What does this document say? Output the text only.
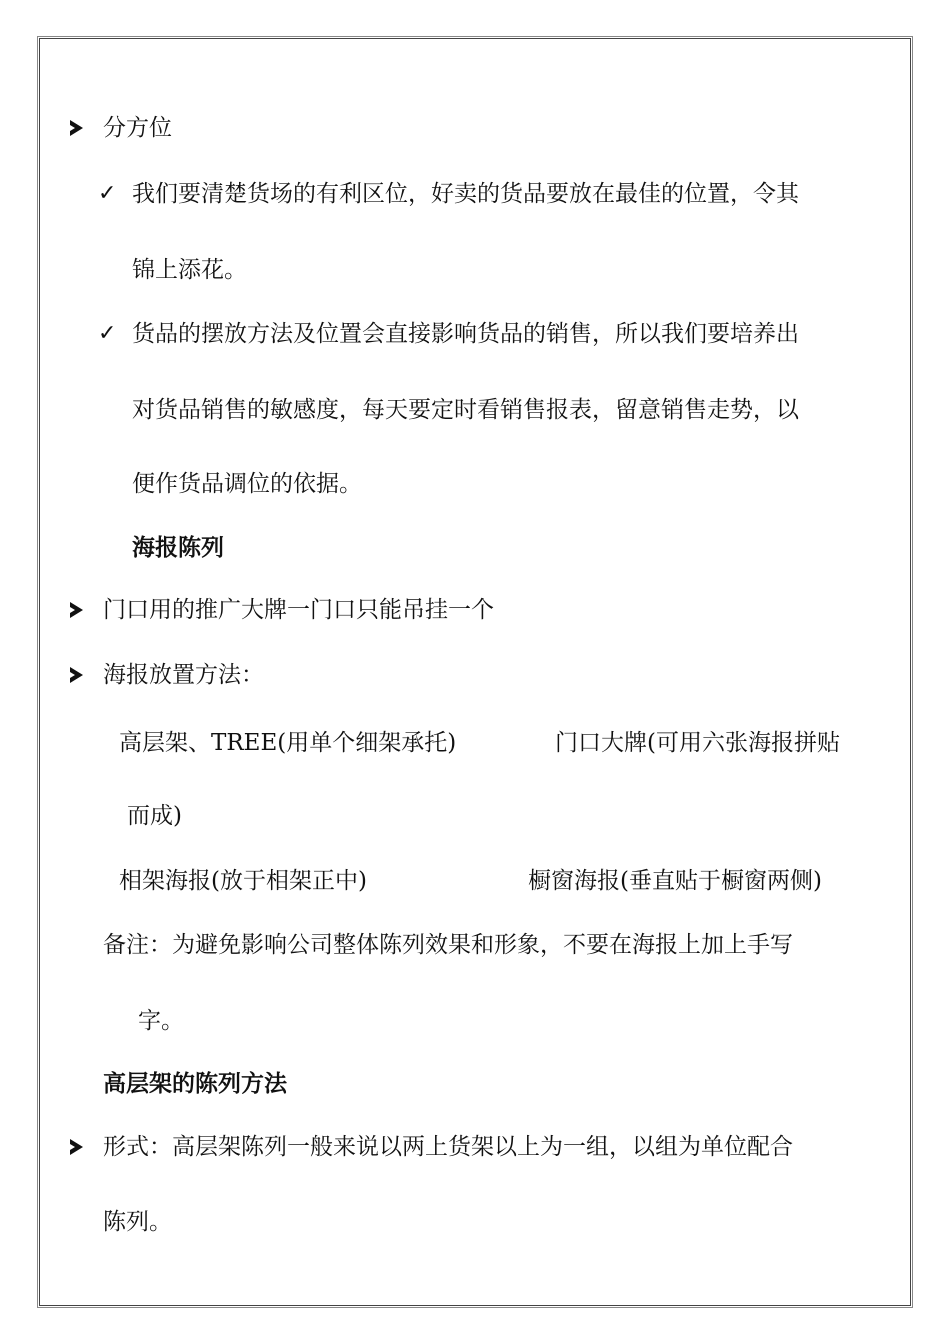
分方位
✓ 我们要清楚货场的有利区位，好卖的货品要放在最佳的位置，令其
锦上添花。
✓ 货品的摆放方法及位置会直接影响货品的销售，所以我们要培养出
对货品销售的敏感度，每天要定时看销售报表，留意销售走势，以
便作货品调位的依据。
海报陈列
门口用的推广大牌一门口只能吊挂一个
海报放置方法：
高层架、TREE(用单个细架承托)	门口大牌(可用六张海报拼贴
而成)
相架海报(放于相架正中)	橱窗海报(垂直贴于橱窗两侧)
备注：为避免影响公司整体陈列效果和形象，不要在海报上加上手写
字。
高层架的陈列方法
形式：高层架陈列一般来说以两上货架以上为一组，以组为单位配合
陈列。
